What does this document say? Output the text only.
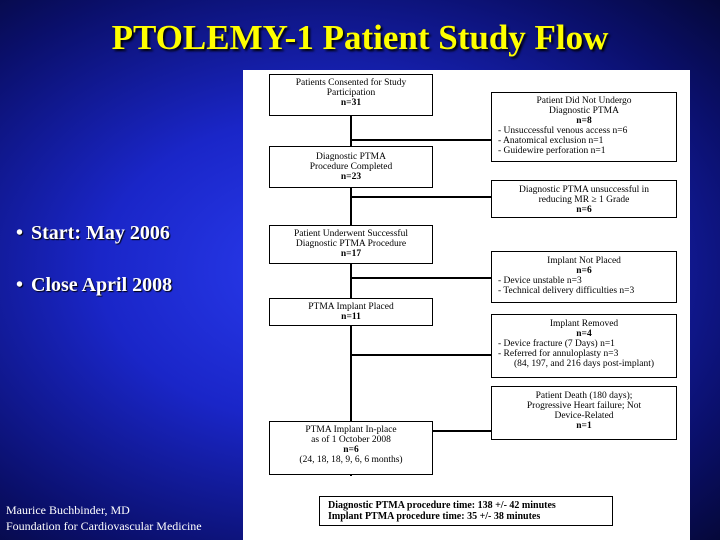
PTOLEMY-1 Patient Study Flow
• Start: May 2006
• Close April 2008
Maurice Buchbinder, MD
Foundation for Cardiovascular Medicine
Patients Consented for Study
Participation
n=31
Diagnostic PTMA
Procedure Completed
n=23
Patient Underwent Successful
Diagnostic PTMA Procedure
n=17
PTMA Implant Placed
n=11
PTMA Implant In-place
as of 1 October 2008
n=6
(24, 18, 18, 9, 6, 6 months)
Patient Did Not Undergo
Diagnostic PTMA
n=8
- Unsuccessful venous access n=6
- Anatomical exclusion n=1
- Guidewire perforation n=1
Diagnostic PTMA unsuccessful in
reducing MR ≥ 1 Grade
n=6
Implant Not Placed
n=6
- Device unstable n=3
- Technical delivery difficulties n=3
Implant Removed
n=4
- Device fracture (7 Days) n=1
- Referred for annuloplasty n=3
(84, 197, and 216 days post-implant)
Patient Death (180 days);
Progressive Heart failure; Not
Device-Related
n=1
Diagnostic PTMA procedure time: 138 +/- 42 minutes
Implant PTMA procedure time: 35 +/- 38 minutes
